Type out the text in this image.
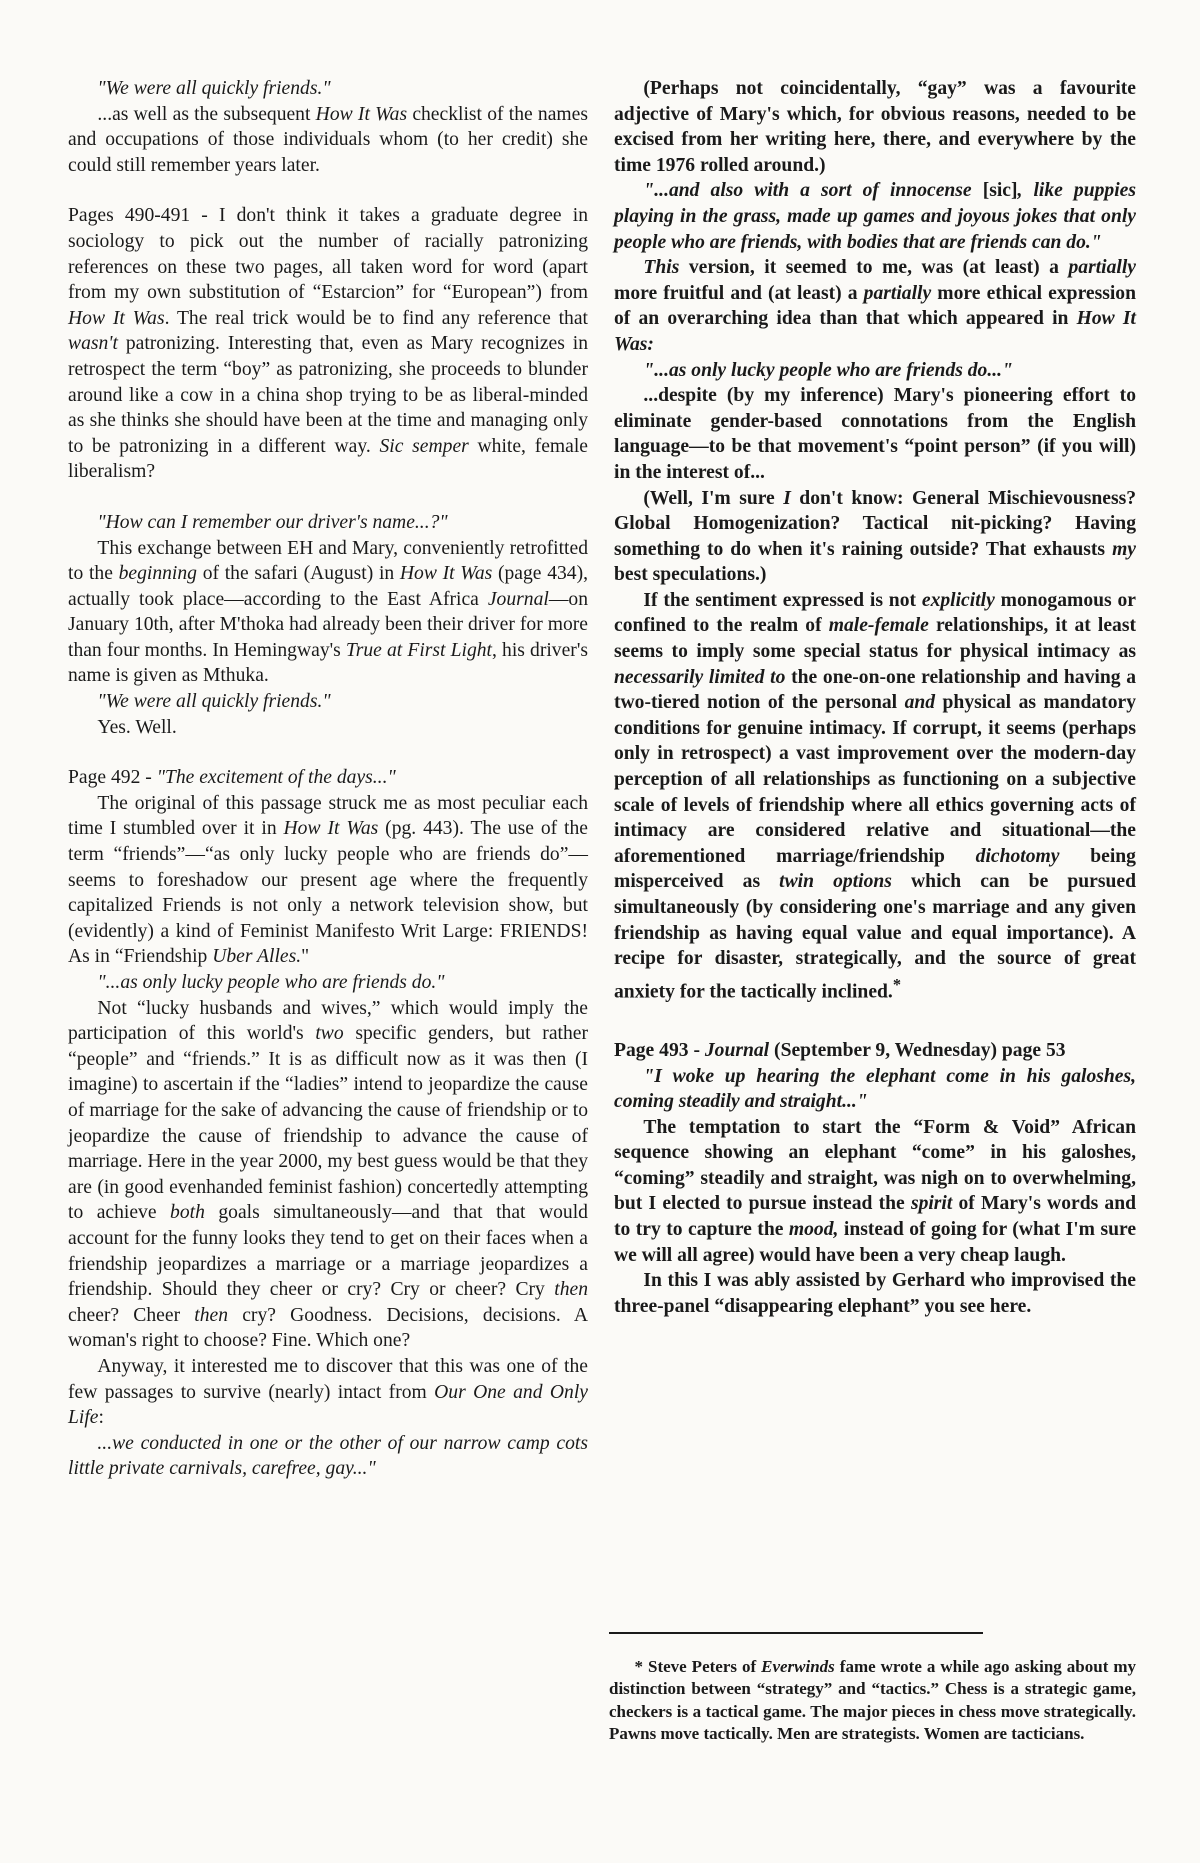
"We were all quickly friends."

...as well as the subsequent How It Was checklist of the names and occupations of those individuals whom (to her credit) she could still remember years later.

Pages 490-491 - I don't think it takes a graduate degree in sociology to pick out the number of racially patronizing references on these two pages, all taken word for word (apart from my own substitution of “Estarcion” for “European”) from How It Was. The real trick would be to find any reference that wasn't patronizing. Interesting that, even as Mary recognizes in retrospect the term “boy” as patronizing, she proceeds to blunder around like a cow in a china shop trying to be as liberal-minded as she thinks she should have been at the time and managing only to be patronizing in a different way. Sic semper white, female liberalism?

"How can I remember our driver's name...?"

This exchange between EH and Mary, conveniently retrofitted to the beginning of the safari (August) in How It Was (page 434), actually took place—according to the East Africa Journal—on January 10th, after M'thoka had already been their driver for more than four months. In Hemingway's True at First Light, his driver's name is given as Mthuka.

"We were all quickly friends."

Yes. Well.

Page 492 - "The excitement of the days..."

The original of this passage struck me as most peculiar each time I stumbled over it in How It Was (pg. 443). The use of the term “friends”—“as only lucky people who are friends do”—seems to foreshadow our present age where the frequently capitalized Friends is not only a network television show, but (evidently) a kind of Feminist Manifesto Writ Large: FRIENDS! As in “Friendship Uber Alles."

"...as only lucky people who are friends do."

Not “lucky husbands and wives,” which would imply the participation of this world's two specific genders, but rather “people” and “friends.” It is as difficult now as it was then (I imagine) to ascertain if the “ladies” intend to jeopardize the cause of marriage for the sake of advancing the cause of friendship or to jeopardize the cause of friendship to advance the cause of marriage. Here in the year 2000, my best guess would be that they are (in good evenhanded feminist fashion) concertedly attempting to achieve both goals simultaneously—and that that would account for the funny looks they tend to get on their faces when a friendship jeopardizes a marriage or a marriage jeopardizes a friendship. Should they cheer or cry? Cry or cheer? Cry then cheer? Cheer then cry? Goodness. Decisions, decisions. A woman's right to choose? Fine. Which one?

Anyway, it interested me to discover that this was one of the few passages to survive (nearly) intact from Our One and Only Life:

...we conducted in one or the other of our narrow camp cots little private carnivals, carefree, gay..."

(Perhaps not coincidentally, “gay” was a favourite adjective of Mary's which, for obvious reasons, needed to be excised from her writing here, there, and everywhere by the time 1976 rolled around.)

"...and also with a sort of innocense [sic], like puppies playing in the grass, made up games and joyous jokes that only people who are friends, with bodies that are friends can do."

This version, it seemed to me, was (at least) a partially more fruitful and (at least) a partially more ethical expression of an overarching idea than that which appeared in How It Was:

"...as only lucky people who are friends do..."

...despite (by my inference) Mary's pioneering effort to eliminate gender-based connotations from the English language—to be that movement's “point person” (if you will) in the interest of...

(Well, I'm sure I don't know: General Mischievousness? Global Homogenization? Tactical nit-picking? Having something to do when it's raining outside? That exhausts my best speculations.)

If the sentiment expressed is not explicitly monogamous or confined to the realm of male-female relationships, it at least seems to imply some special status for physical intimacy as necessarily limited to the one-on-one relationship and having a two-tiered notion of the personal and physical as mandatory conditions for genuine intimacy. If corrupt, it seems (perhaps only in retrospect) a vast improvement over the modern-day perception of all relationships as functioning on a subjective scale of levels of friendship where all ethics governing acts of intimacy are considered relative and situational—the aforementioned marriage/friendship dichotomy being misperceived as twin options which can be pursued simultaneously (by considering one's marriage and any given friendship as having equal value and equal importance). A recipe for disaster, strategically, and the source of great anxiety for the tactically inclined.*

Page 493 - Journal (September 9, Wednesday) page 53

"I woke up hearing the elephant come in his galoshes, coming steadily and straight..."

The temptation to start the “Form & Void” African sequence showing an elephant “come” in his galoshes, “coming” steadily and straight, was nigh on to overwhelming, but I elected to pursue instead the spirit of Mary's words and to try to capture the mood, instead of going for (what I'm sure we will all agree) would have been a very cheap laugh.

In this I was ably assisted by Gerhard who improvised the three-panel “disappearing elephant” you see here.

* Steve Peters of Everwinds fame wrote a while ago asking about my distinction between “strategy” and “tactics.” Chess is a strategic game, checkers is a tactical game. The major pieces in chess move strategically. Pawns move tactically. Men are strategists. Women are tacticians.
